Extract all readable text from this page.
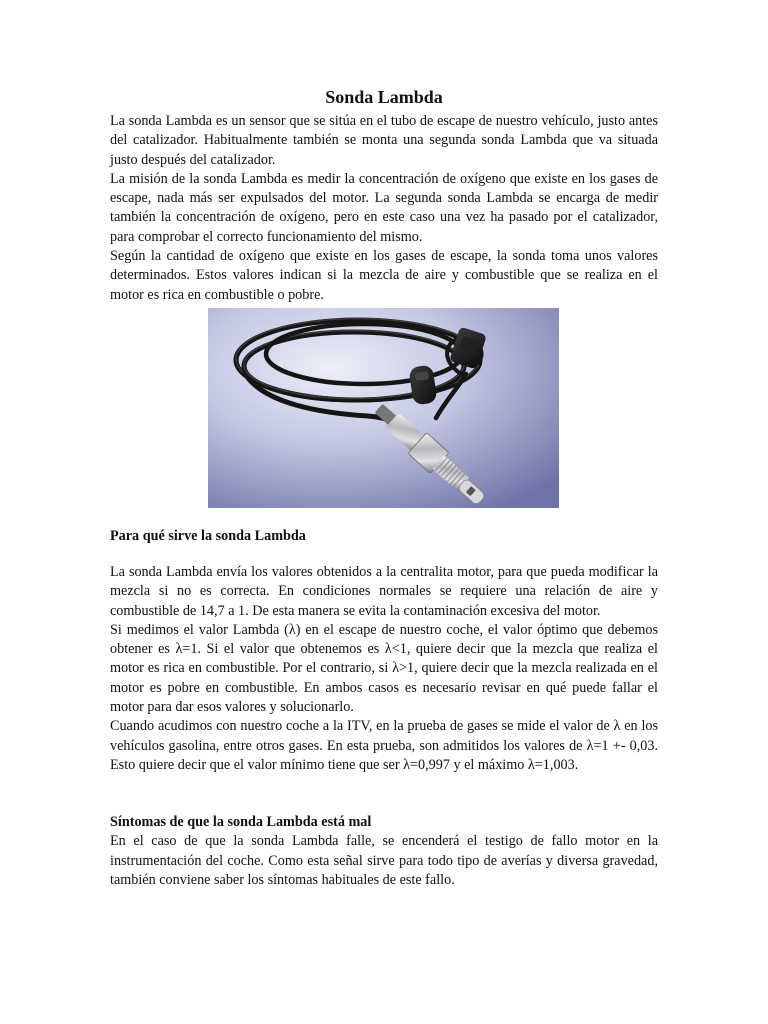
Sonda Lambda

La sonda Lambda es un sensor que se sitúa en el tubo de escape de nuestro vehículo, justo antes del catalizador. Habitualmente también se monta una segunda sonda Lambda que va situada justo después del catalizador.

La misión de la sonda Lambda es medir la concentración de oxígeno que existe en los gases de escape, nada más ser expulsados del motor. La segunda sonda Lambda se encarga de medir también la concentración de oxígeno, pero en este caso una vez ha pasado por el catalizador, para comprobar el correcto funcionamiento del mismo.

Según la cantidad de oxígeno que existe en los gases de escape, la sonda toma unos valores determinados. Estos valores indican si la mezcla de aire y combustible que se realiza en el motor es rica en combustible o pobre.

Para qué sirve la sonda Lambda

La sonda Lambda envía los valores obtenidos a la centralita motor, para que pueda modificar la mezcla si no es correcta. En condiciones normales se requiere una relación de aire y combustible de 14,7 a 1. De esta manera se evita la contaminación excesiva del motor.

Si medimos el valor Lambda (λ) en el escape de nuestro coche, el valor óptimo que debemos obtener es λ=1. Si el valor que obtenemos es λ<1, quiere decir que la mezcla que realiza el motor es rica en combustible. Por el contrario, si λ>1, quiere decir que la mezcla realizada en el motor es pobre en combustible. En ambos casos es necesario revisar en qué puede fallar el motor para dar esos valores y solucionarlo.

Cuando acudimos con nuestro coche a la ITV, en la prueba de gases se mide el valor de λ en los vehículos gasolina, entre otros gases. En esta prueba, son admitidos los valores de λ=1 +- 0,03. Esto quiere decir que el valor mínimo tiene que ser λ=0,997 y el máximo λ=1,003.

Síntomas de que la sonda Lambda está mal

En el caso de que la sonda Lambda falle, se encenderá el testigo de fallo motor en la instrumentación del coche. Como esta señal sirve para todo tipo de averías y diversa gravedad, también conviene saber los síntomas habituales de este fallo.
